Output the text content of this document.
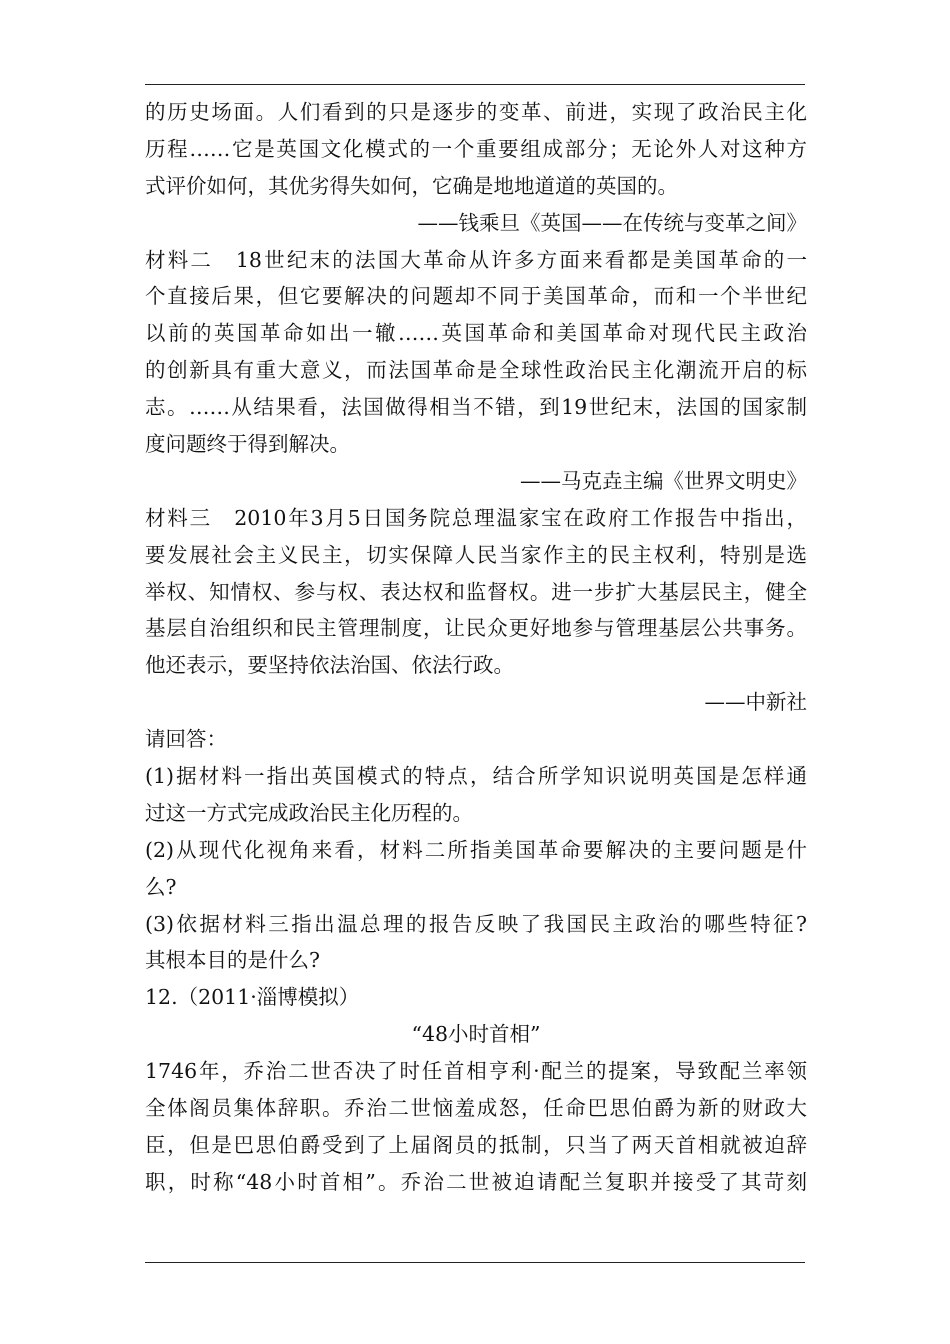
的历史场面。人们看到的只是逐步的变革、前进，实现了政治民主化
历程……它是英国文化模式的一个重要组成部分；无论外人对这种方
式评价如何，其优劣得失如何，它确是地地道道的英国的。
——钱乘旦《英国——在传统与变革之间》
材料二　18世纪末的法国大革命从许多方面来看都是美国革命的一
个直接后果，但它要解决的问题却不同于美国革命，而和一个半世纪
以前的英国革命如出一辙……英国革命和美国革命对现代民主政治
的创新具有重大意义，而法国革命是全球性政治民主化潮流开启的标
志。……从结果看，法国做得相当不错，到19世纪末，法国的国家制
度问题终于得到解决。
——马克垚主编《世界文明史》
材料三　2010年3月5日国务院总理温家宝在政府工作报告中指出，
要发展社会主义民主，切实保障人民当家作主的民主权利，特别是选
举权、知情权、参与权、表达权和监督权。进一步扩大基层民主，健全
基层自治组织和民主管理制度，让民众更好地参与管理基层公共事务。
他还表示，要坚持依法治国、依法行政。
——中新社
请回答：
(1)据材料一指出英国模式的特点，结合所学知识说明英国是怎样通
过这一方式完成政治民主化历程的。
(2)从现代化视角来看，材料二所指美国革命要解决的主要问题是什
么?
(3)依据材料三指出温总理的报告反映了我国民主政治的哪些特征?
其根本目的是什么?
12.（2011·淄博模拟）
“48小时首相”
1746年，乔治二世否决了时任首相亨利·配兰的提案，导致配兰率领
全体阁员集体辞职。乔治二世恼羞成怒，任命巴思伯爵为新的财政大
臣，但是巴思伯爵受到了上届阁员的抵制，只当了两天首相就被迫辞
职，时称“48小时首相”。乔治二世被迫请配兰复职并接受了其苛刻
